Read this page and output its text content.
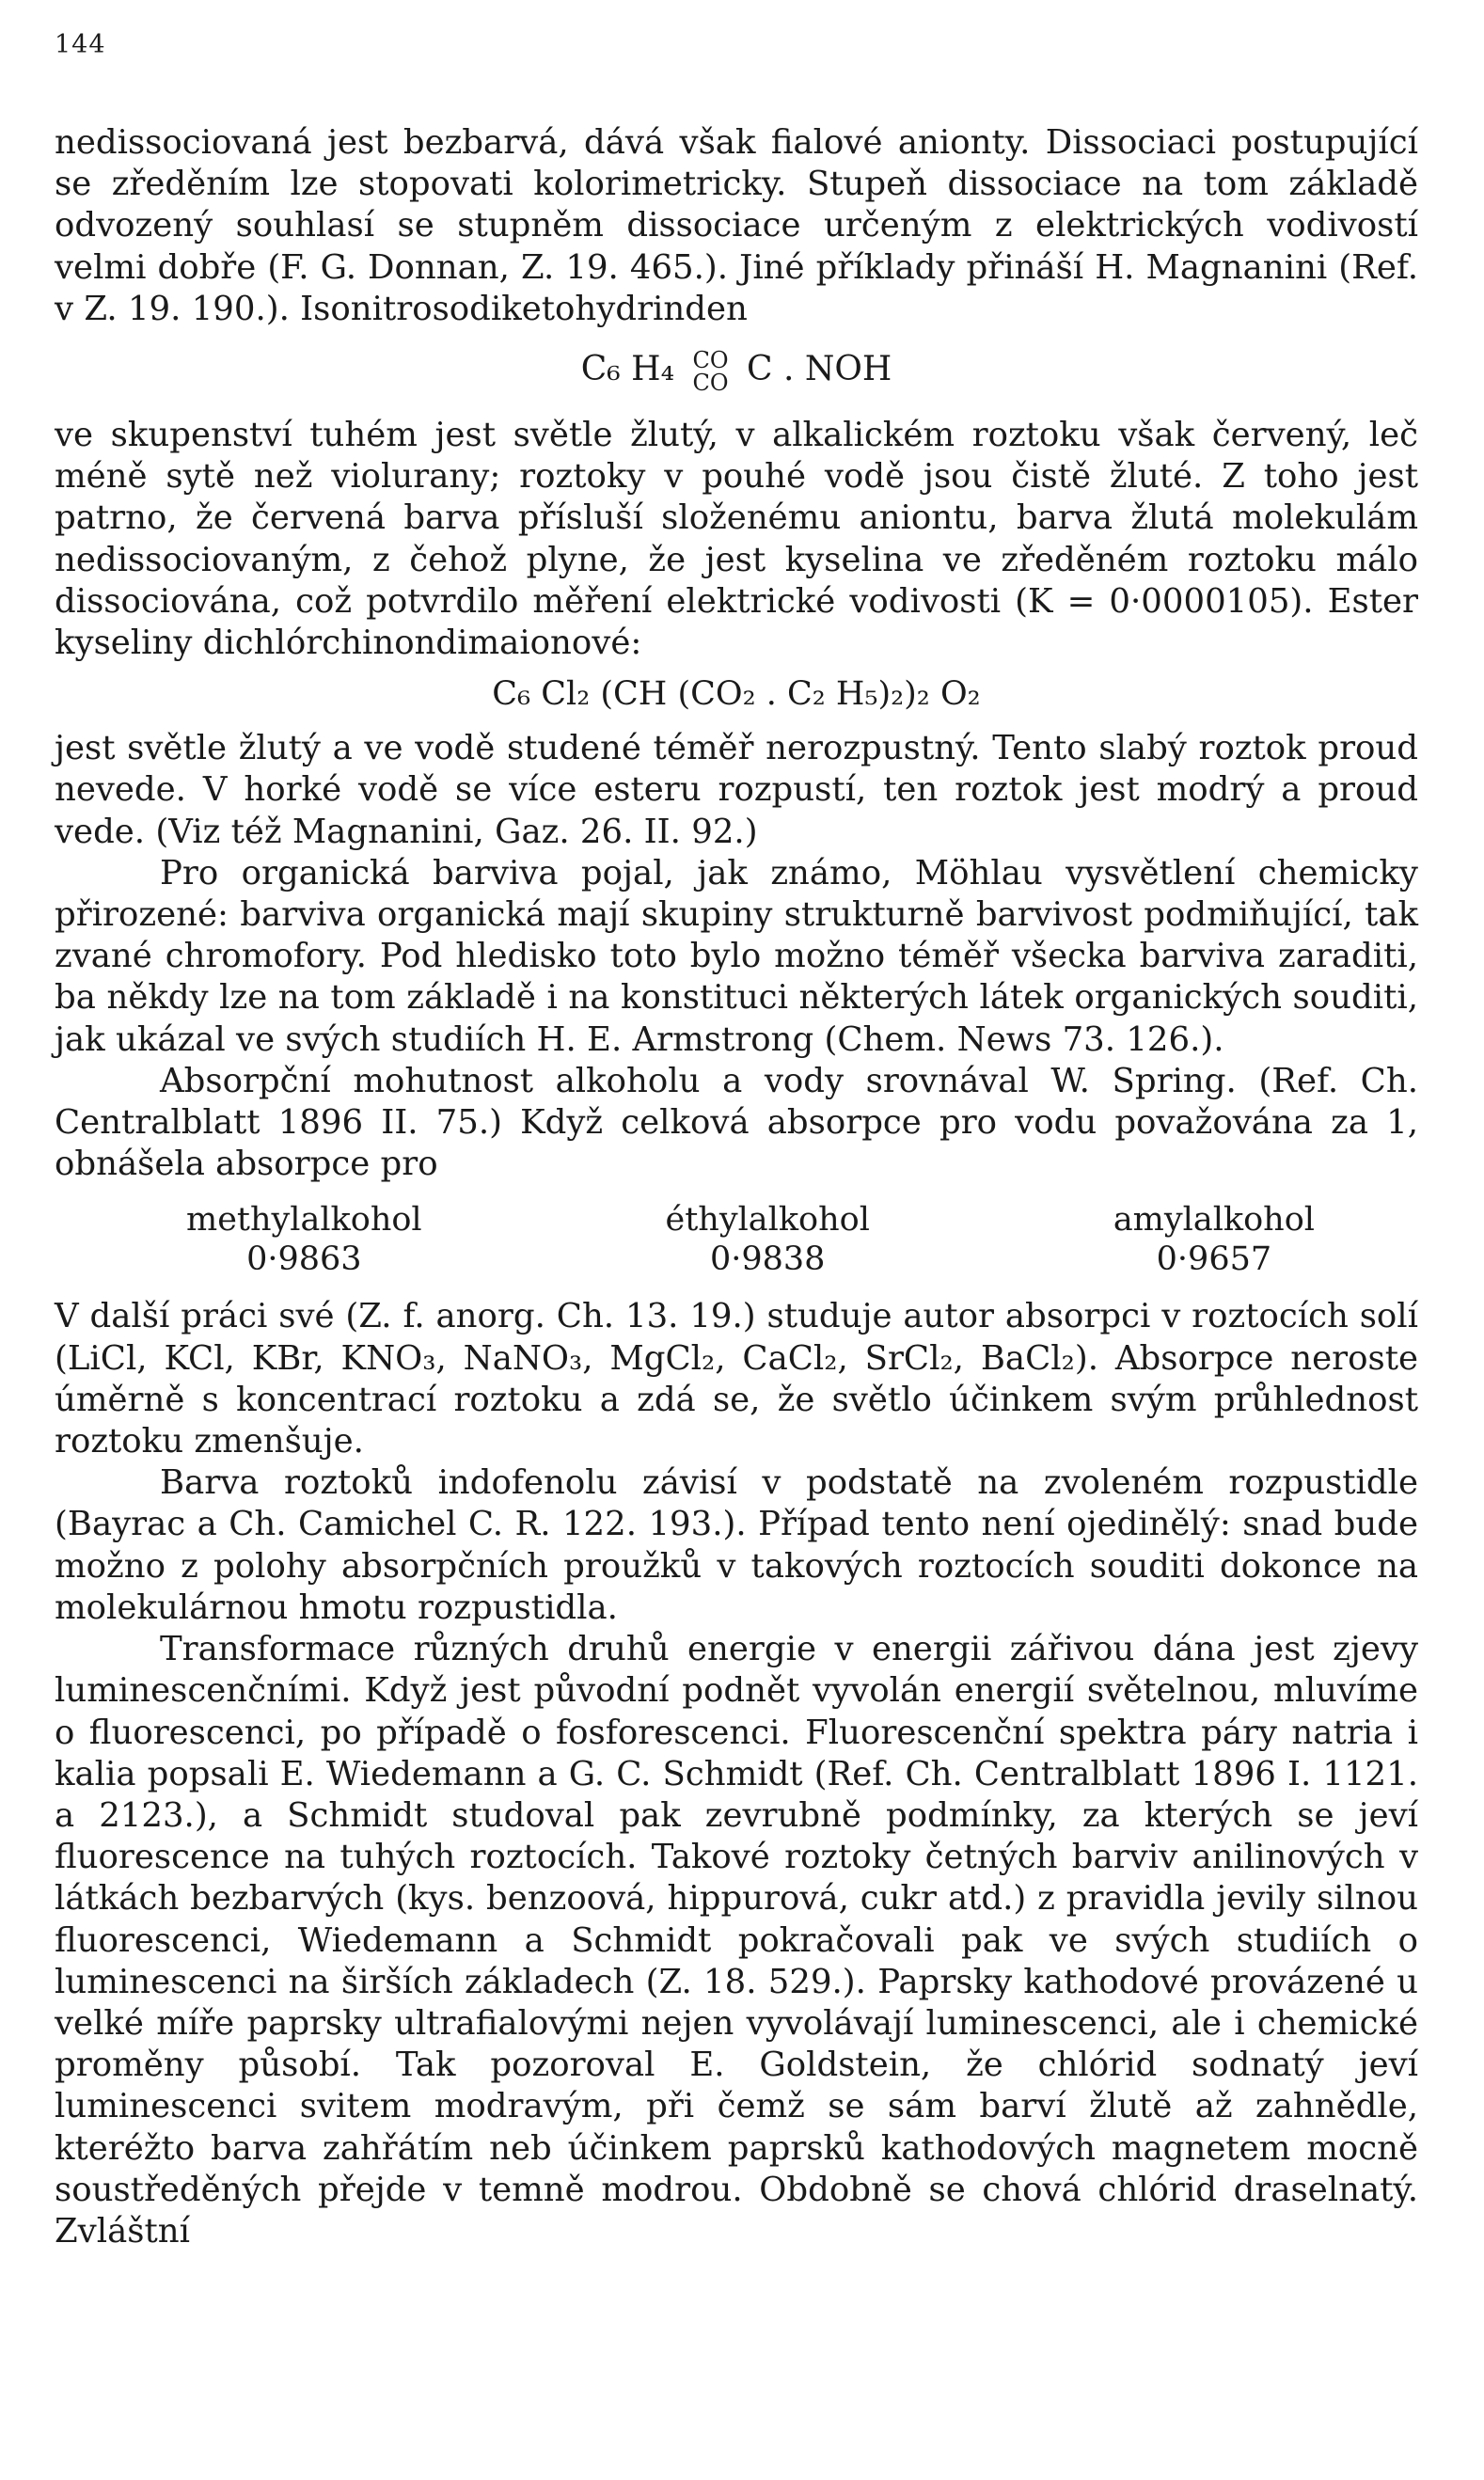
144

nedissociovaná jest bezbarvá, dává však fialové anionty. Dissociaci postupující se zředěním lze stopovati kolorimetricky. Stupeň dissociace na tom základě odvozený souhlasí se stupněm dissociace určeným z elektrických vodivostí velmi dobře (F. G. Donnan, Z. 19. 465.). Jiné příklady přináší H. Magnanini (Ref. v Z. 19. 190.). Isonitrosodiketohydrinden

C₆ H₄ CO
CO C . NOH

ve skupenství tuhém jest světle žlutý, v alkalickém roztoku však červený, leč méně sytě než violurany; roztoky v pouhé vodě jsou čistě žluté. Z toho jest patrno, že červená barva přísluší složenému aniontu, barva žlutá molekulám nedissociovaným, z čehož plyne, že jest kyselina ve zředěném roztoku málo dissociována, což potvrdilo měření elektrické vodivosti (K = 0·0000105). Ester kyseliny dichlórchinondimaionové:

C₆ Cl₂ (CH (CO₂ . C₂ H₅)₂)₂ O₂

jest světle žlutý a ve vodě studené téměř nerozpustný. Tento slabý roztok proud nevede. V horké vodě se více esteru rozpustí, ten roztok jest modrý a proud vede. (Viz též Magnanini, Gaz. 26. II. 92.)

Pro organická barviva pojal, jak známo, Möhlau vysvětlení chemicky přirozené: barviva organická mají skupiny strukturně barvivost podmiňující, tak zvané chromofory. Pod hledisko toto bylo možno téměř všecka barviva zaraditi, ba někdy lze na tom základě i na konstituci některých látek organických souditi, jak ukázal ve svých studiích H. E. Armstrong (Chem. News 73. 126.).

Absorpční mohutnost alkoholu a vody srovnával W. Spring. (Ref. Ch. Centralblatt 1896 II. 75.) Když celková absorpce pro vodu považována za 1, obnášela absorpce pro

methylalkohol
0·9863
éthylalkohol
0·9838
amylalkohol
0·9657

V další práci své (Z. f. anorg. Ch. 13. 19.) studuje autor absorpci v roztocích solí (LiCl, KCl, KBr, KNO₃, NaNO₃, MgCl₂, CaCl₂, SrCl₂, BaCl₂). Absorpce neroste úměrně s koncentrací roztoku a zdá se, že světlo účinkem svým průhlednost roztoku zmenšuje.

Barva roztoků indofenolu závisí v podstatě na zvoleném rozpustidle (Bayrac a Ch. Camichel C. R. 122. 193.). Případ tento není ojedinělý: snad bude možno z polohy absorpčních proužků v takových roztocích souditi dokonce na molekulárnou hmotu rozpustidla.

Transformace různých druhů energie v energii zářivou dána jest zjevy luminescenčními. Když jest původní podnět vyvolán energií světelnou, mluvíme o fluorescenci, po případě o fosforescenci. Fluorescenční spektra páry natria i kalia popsali E. Wiedemann a G. C. Schmidt (Ref. Ch. Centralblatt 1896 I. 1121. a 2123.), a Schmidt studoval pak zevrubně podmínky, za kterých se jeví fluorescence na tuhých roztocích. Takové roztoky četných barviv anilinových v látkách bezbarvých (kys. benzoová, hippurová, cukr atd.) z pravidla jevily silnou fluorescenci, Wiedemann a Schmidt pokračovali pak ve svých studiích o luminescenci na širších základech (Z. 18. 529.). Paprsky kathodové provázené u velké míře paprsky ultrafialovými nejen vyvolávají luminescenci, ale i chemické proměny působí. Tak pozoroval E. Goldstein, že chlórid sodnatý jeví luminescenci svitem modravým, při čemž se sám barví žlutě až zahnědle, kteréžto barva zahřátím neb účinkem paprsků kathodových magnetem mocně soustředěných přejde v temně modrou. Obdobně se chová chlórid draselnatý. Zvláštní
